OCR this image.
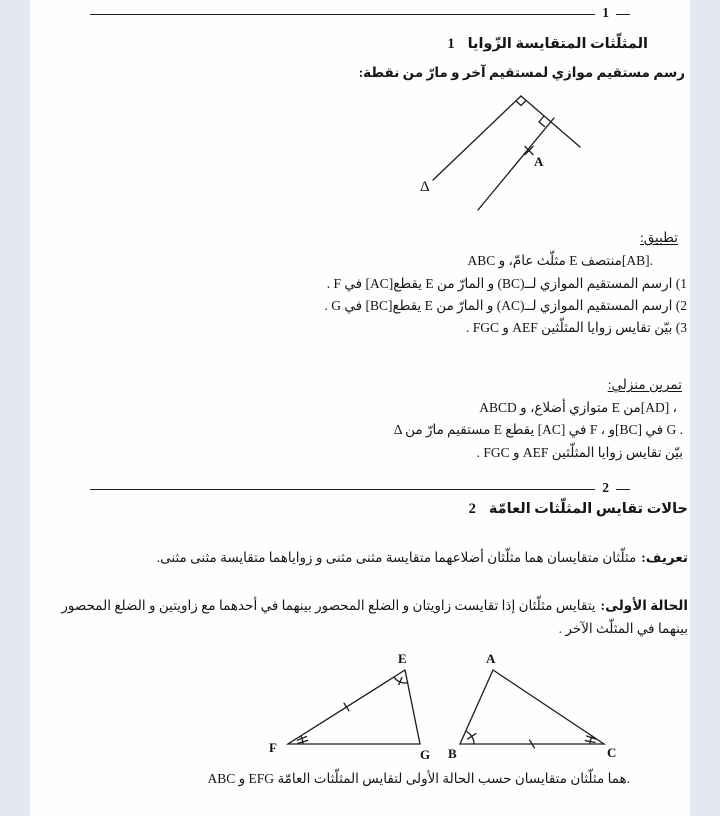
1
المثلّثات المتقايسة الزّوايا1
رسم مستقيم موازي لمستقيم آخر و مارّ من نقطة:
Δ
A
تطبيق:
ABC مثلّث عامّ، و E منتصف[AB].
1) ارسم المستقيم الموازي لــ(BC) و المارّ من E يقطع[AC] في F .
2) ارسم المستقيم الموازي لــ(AC) و المارّ من E يقطع[BC] في G .
3) بيّن تقايس زوايا المثلّثين AEF و FGC .
تمرين منزلي:
ABCD متوازي أضلاع، و E من[AD] ،
Δ مستقيم مارّ من E يقطع [AC] في F ، و[BC] في G .
بيّن تقايس زوايا المثلّثين AEF و FGC .
2
حالات تقايس المثلّثات العامّة2
تعريف:مثلّثان متقايسان هما مثلّثان أضلاعهما متقايسة مثنى مثنى و زواياهما متقايسة مثنى مثنى.
الحالة الأولى:يتقايس مثلّثان إذا تقايست زاويتان و الضلع المحصور بينهما في أحدهما مع زاويتين و الضلع المحصور
بينهما في المثلّث الآخر .
E
F	G
A
B	C
ABC و EFG هما مثلّثان متقايسان حسب الحالة الأولى لتقايس المثلّثات العامّة.
